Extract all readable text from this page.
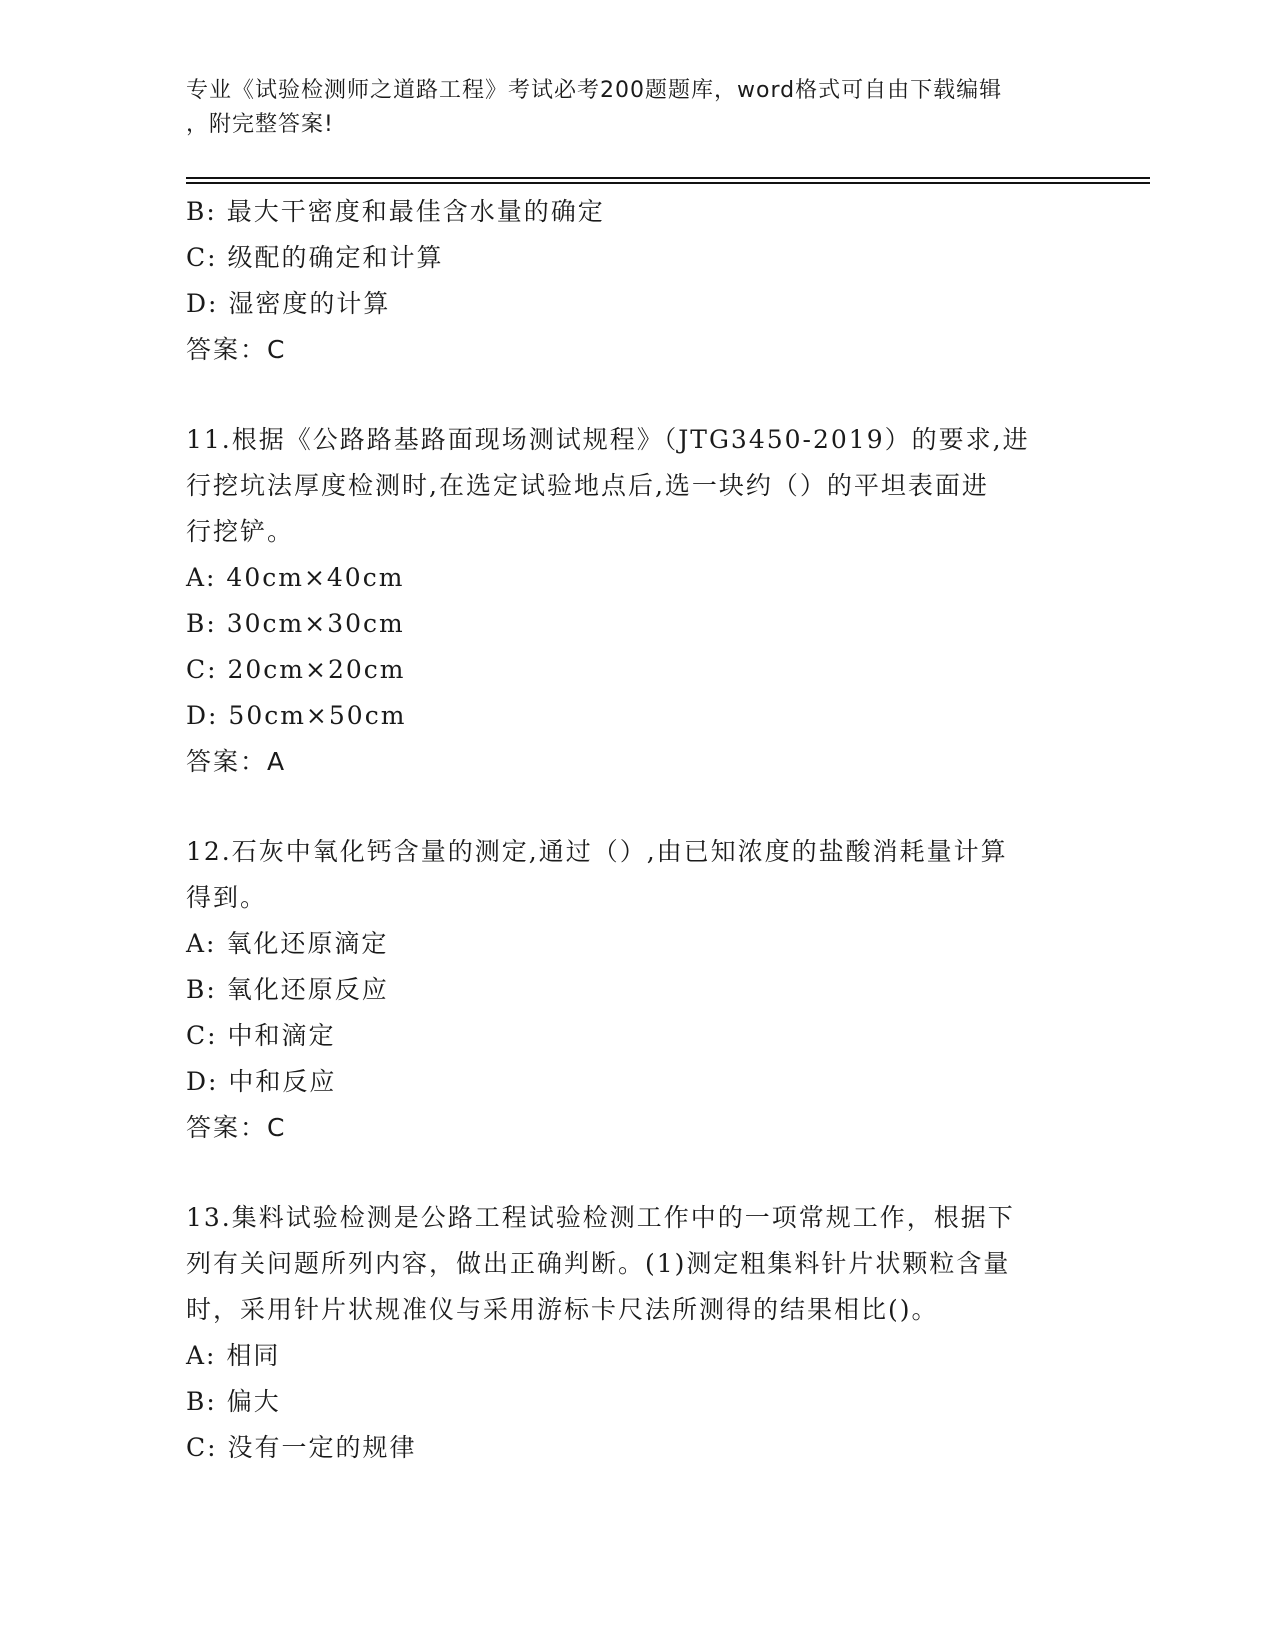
专业《试验检测师之道路工程》考试必考200题题库，word格式可自由下载编辑
，附完整答案!
B: 最大干密度和最佳含水量的确定
C: 级配的确定和计算
D: 湿密度的计算
答案：C
11.根据《公路路基路面现场测试规程》（JTG3450-2019）的要求,进
行挖坑法厚度检测时,在选定试验地点后,选一块约（）的平坦表面进
行挖铲。
A: 40cm×40cm
B: 30cm×30cm
C: 20cm×20cm
D: 50cm×50cm
答案：A
12.石灰中氧化钙含量的测定,通过（）,由已知浓度的盐酸消耗量计算
得到。
A: 氧化还原滴定
B: 氧化还原反应
C: 中和滴定
D: 中和反应
答案：C
13.集料试验检测是公路工程试验检测工作中的一项常规工作，根据下
列有关问题所列内容，做出正确判断。(1)测定粗集料针片状颗粒含量
时，采用针片状规准仪与采用游标卡尺法所测得的结果相比()。
A: 相同
B: 偏大
C: 没有一定的规律
